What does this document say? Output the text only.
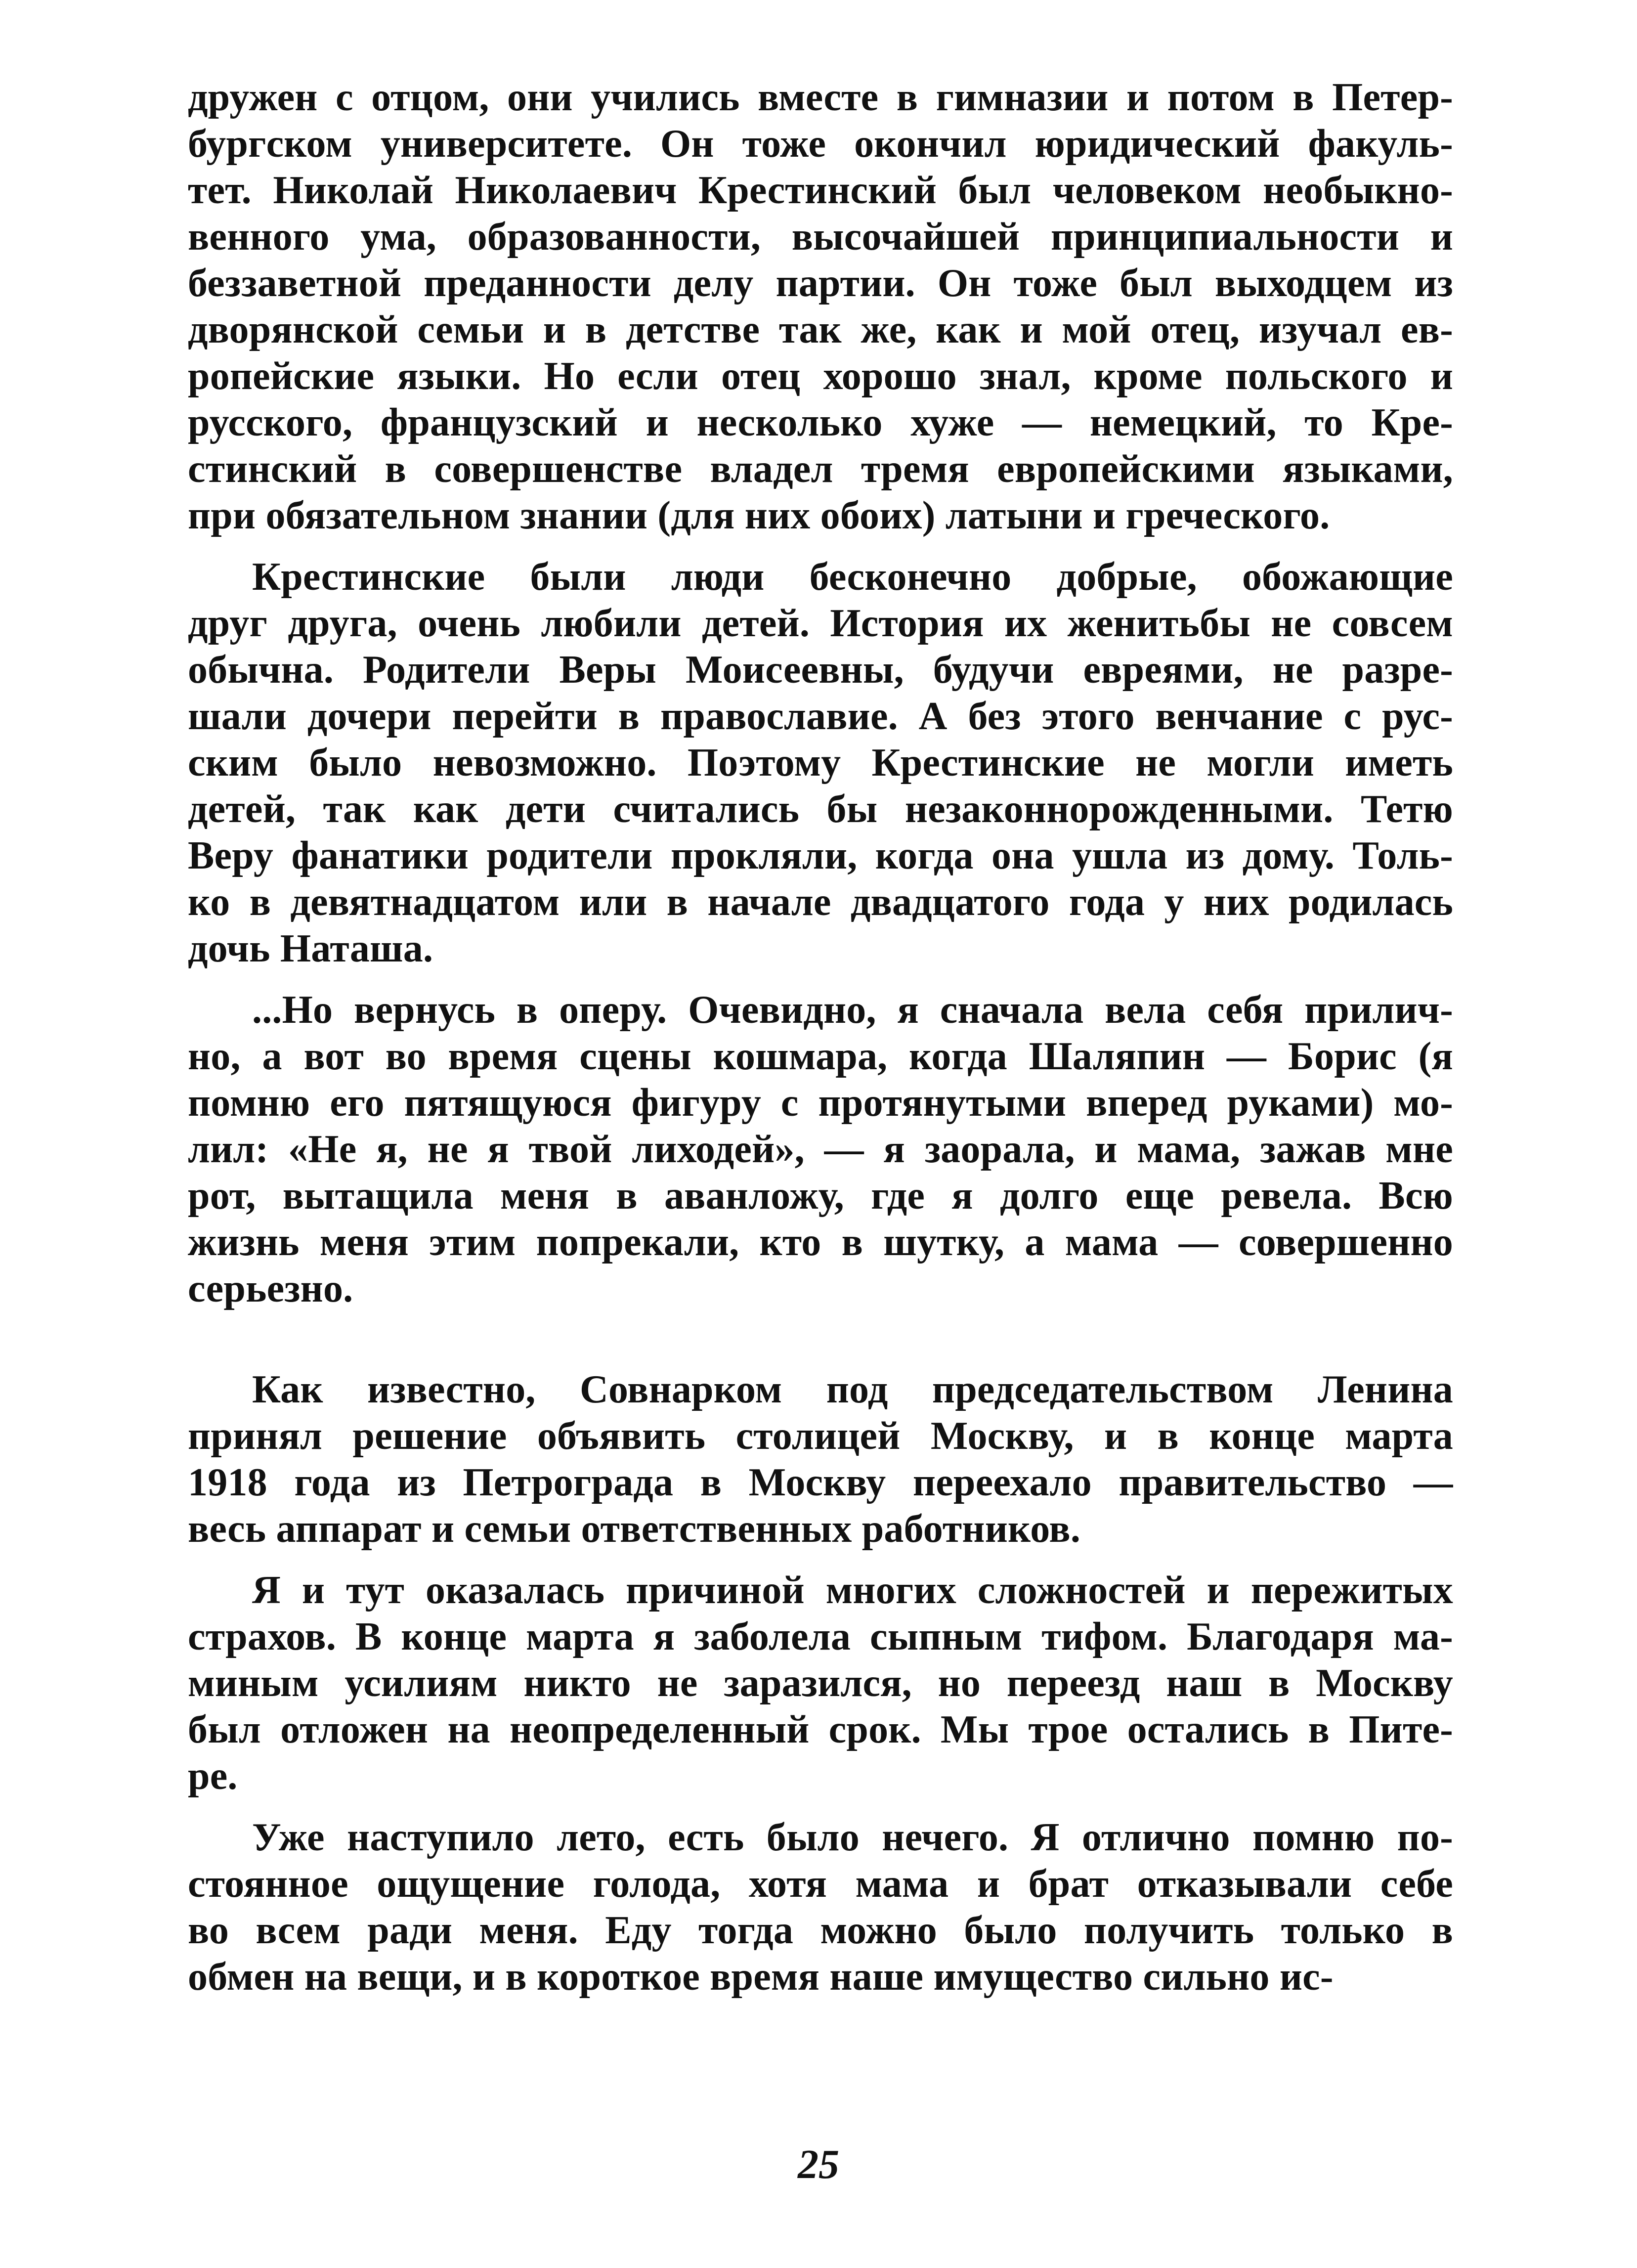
дружен с отцом, они учились вместе в гимназии и потом в Петер-
бургском университете. Он тоже окончил юридический факуль-
тет. Николай Николаевич Крестинский был человеком необыкно-
венного ума, образованности, высочайшей принципиальности и
беззаветной преданности делу партии. Он тоже был выходцем из
дворянской семьи и в детстве так же, как и мой отец, изучал ев-
ропейские языки. Но если отец хорошо знал, кроме польского и
русского, французский и несколько хуже — немецкий, то Кре-
стинский в совершенстве владел тремя европейскими языками,
при обязательном знании (для них обоих) латыни и греческого.
Крестинские были люди бесконечно добрые, обожающие
друг друга, очень любили детей. История их женитьбы не совсем
обычна. Родители Веры Моисеевны, будучи евреями, не разре-
шали дочери перейти в православие. А без этого венчание с рус-
ским было невозможно. Поэтому Крестинские не могли иметь
детей, так как дети считались бы незаконнорожденными. Тетю
Веру фанатики родители прокляли, когда она ушла из дому. Толь-
ко в девятнадцатом или в начале двадцатого года у них родилась
дочь Наташа.
...Но вернусь в оперу. Очевидно, я сначала вела себя прилич-
но, а вот во время сцены кошмара, когда Шаляпин — Борис (я
помню его пятящуюся фигуру с протянутыми вперед руками) мо-
лил: «Не я, не я твой лиходей», — я заорала, и мама, зажав мне
рот, вытащила меня в аванложу, где я долго еще ревела. Всю
жизнь меня этим попрекали, кто в шутку, а мама — совершенно
серьезно.
Как известно, Совнарком под председательством Ленина
принял решение объявить столицей Москву, и в конце марта
1918 года из Петрограда в Москву переехало правительство —
весь аппарат и семьи ответственных работников.
Я и тут оказалась причиной многих сложностей и пережитых
страхов. В конце марта я заболела сыпным тифом. Благодаря ма-
миным усилиям никто не заразился, но переезд наш в Москву
был отложен на неопределенный срок. Мы трое остались в Пите-
ре.
Уже наступило лето, есть было нечего. Я отлично помню по-
стоянное ощущение голода, хотя мама и брат отказывали себе
во всем ради меня. Еду тогда можно было получить только в
обмен на вещи, и в короткое время наше имущество сильно ис-
25
